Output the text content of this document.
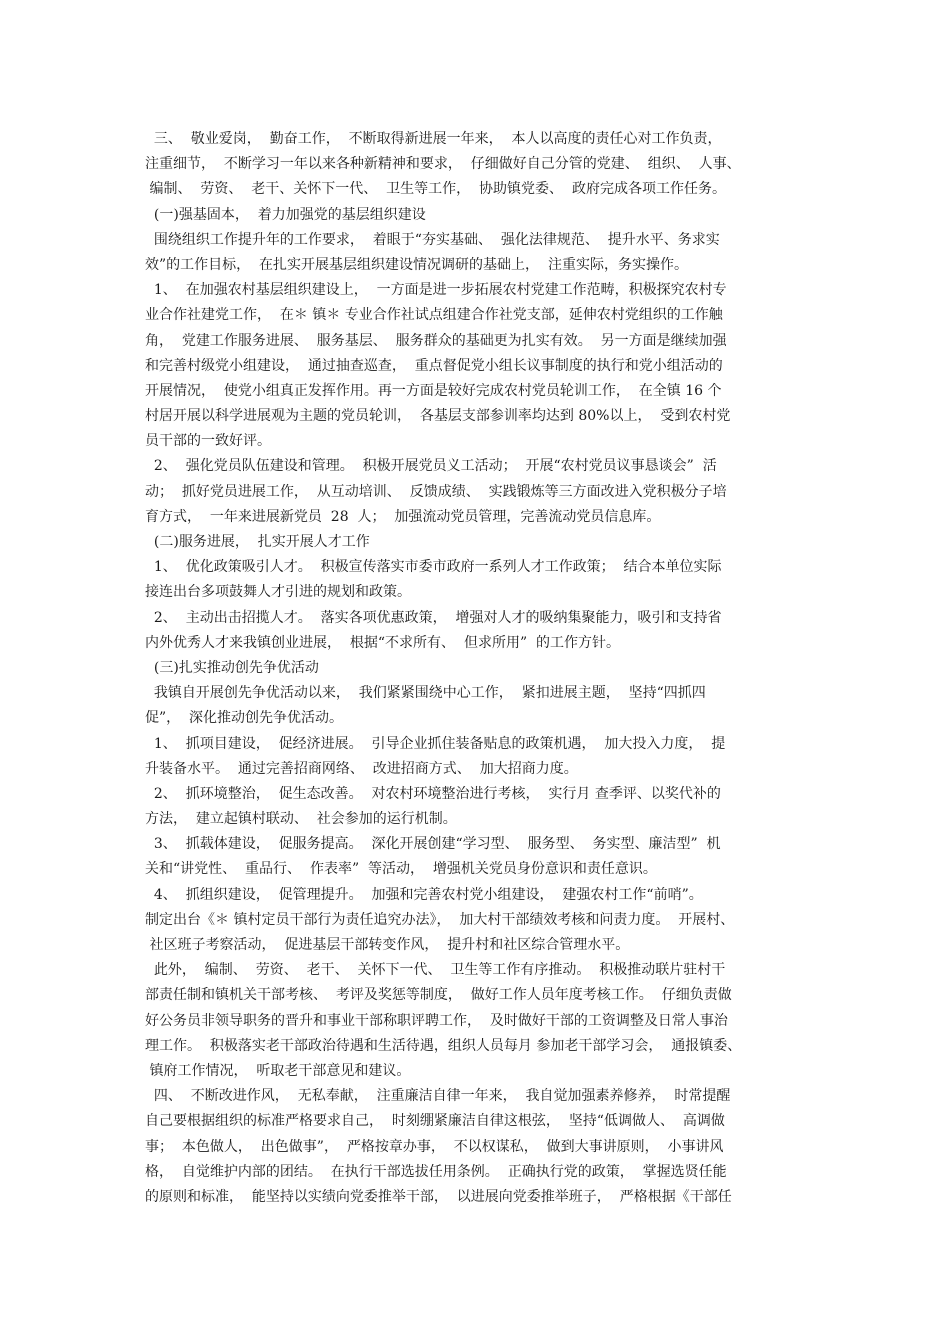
三、  敬业爱岗，  勤奋工作，  不断取得新进展一年来，  本人以高度的责任心对工作负责，
注重细节，  不断学习一年以来各种新精神和要求，  仔细做好自己分管的党建、  组织、  人事、
编制、  劳资、  老干、关怀下一代、  卫生等工作，  协助镇党委、  政府完成各项工作任务。
(一)强基固本，  着力加强党的基层组织建设
围绕组织工作提升年的工作要求，  着眼于“夯实基础、  强化法律规范、  提升水平、务求实
效”的工作目标，  在扎实开展基层组织建设情况调研的基础上，  注重实际，务实操作。
1、  在加强农村基层组织建设上，  一方面是进一步拓展农村党建工作范畴，积极探究农村专
业合作社建党工作，  在＊ 镇＊ 专业合作社试点组建合作社党支部，延伸农村党组织的工作触
角，  党建工作服务进展、  服务基层、  服务群众的基础更为扎实有效。  另一方面是继续加强
和完善村级党小组建设，  通过抽查巡查，  重点督促党小组长议事制度的执行和党小组活动的
开展情况，  使党小组真正发挥作用。再一方面是较好完成农村党员轮训工作，  在全镇 16 个
村居开展以科学进展观为主题的党员轮训，  各基层支部参训率均达到 80%以上，  受到农村党
员干部的一致好评。
2、  强化党员队伍建设和管理。  积极开展党员义工活动；  开展“农村党员议事恳谈会”  活
动；  抓好党员进展工作，  从互动培训、  反馈成绩、  实践锻炼等三方面改进入党积极分子培
育方式，  一年来进展新党员  28  人；  加强流动党员管理，完善流动党员信息库。
(二)服务进展，  扎实开展人才工作
1、  优化政策吸引人才。  积极宣传落实市委市政府一系列人才工作政策；  结合本单位实际
接连出台多项鼓舞人才引进的规划和政策。
2、  主动出击招揽人才。  落实各项优惠政策，  增强对人才的吸纳集聚能力，吸引和支持省
内外优秀人才来我镇创业进展，  根据“不求所有、  但求所用”  的工作方针。
(三)扎实推动创先争优活动
我镇自开展创先争优活动以来，  我们紧紧围绕中心工作，  紧扣进展主题，  坚持“四抓四
促”，  深化推动创先争优活动。
1、  抓项目建设，  促经济进展。  引导企业抓住装备贴息的政策机遇，  加大投入力度，  提
升装备水平。  通过完善招商网络、  改进招商方式、  加大招商力度。
2、  抓环境整治，  促生态改善。  对农村环境整治进行考核，  实行月 查季评、以奖代补的
方法，  建立起镇村联动、  社会参加的运行机制。
3、  抓载体建设，  促服务提高。  深化开展创建“学习型、  服务型、  务实型、廉洁型”  机
关和“讲党性、  重品行、  作表率”  等活动，  增强机关党员身份意识和责任意识。
4、  抓组织建设，  促管理提升。  加强和完善农村党小组建设，  建强农村工作“前哨”。
制定出台《＊ 镇村定员干部行为责任追究办法》，  加大村干部绩效考核和问责力度。  开展村、
社区班子考察活动，  促进基层干部转变作风，  提升村和社区综合管理水平。
此外，  编制、  劳资、  老干、  关怀下一代、  卫生等工作有序推动。  积极推动联片驻村干
部责任制和镇机关干部考核、  考评及奖惩等制度，  做好工作人员年度考核工作。  仔细负责做
好公务员非领导职务的晋升和事业干部称职评聘工作，  及时做好干部的工资调整及日常人事治
理工作。  积极落实老干部政治待遇和生活待遇，组织人员每月 参加老干部学习会，  通报镇委、
镇府工作情况，  听取老干部意见和建议。
四、  不断改进作风，  无私奉献，  注重廉洁自律一年来，  我自觉加强素养修养，  时常提醒
自己要根据组织的标准严格要求自己，  时刻绷紧廉洁自律这根弦，  坚持“低调做人、  高调做
事；  本色做人，  出色做事”，  严格按章办事，  不以权谋私，  做到大事讲原则，  小事讲风
格，  自觉维护内部的团结。  在执行干部选拔任用条例。  正确执行党的政策，  掌握选贤任能
的原则和标准，  能坚持以实绩向党委推举干部，  以进展向党委推举班子，  严格根据《干部任
